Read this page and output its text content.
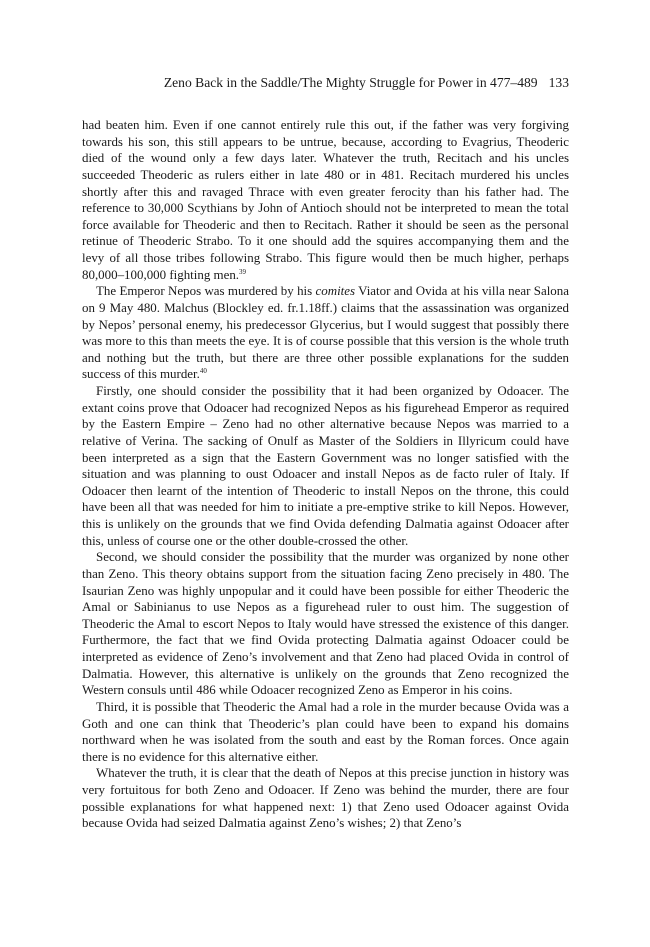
Zeno Back in the Saddle/The Mighty Struggle for Power in 477–489 133

had beaten him. Even if one cannot entirely rule this out, if the father was very forgiving towards his son, this still appears to be untrue, because, according to Evagrius, Theoderic died of the wound only a few days later. Whatever the truth, Recitach and his uncles succeeded Theoderic as rulers either in late 480 or in 481. Recitach murdered his uncles shortly after this and ravaged Thrace with even greater ferocity than his father had. The reference to 30,000 Scythians by John of Antioch should not be interpreted to mean the total force available for Theoderic and then to Recitach. Rather it should be seen as the personal retinue of Theoderic Strabo. To it one should add the squires accompanying them and the levy of all those tribes following Strabo. This figure would then be much higher, perhaps 80,000–100,000 fighting men.$^{39}$

The Emperor Nepos was murdered by his comites Viator and Ovida at his villa near Salona on 9 May 480. Malchus (Blockley ed. fr.1.18ff.) claims that the assassination was organized by Nepos’ personal enemy, his predecessor Glycerius, but I would suggest that possibly there was more to this than meets the eye. It is of course possible that this version is the whole truth and nothing but the truth, but there are three other possible explanations for the sudden success of this murder.$^{40}$

Firstly, one should consider the possibility that it had been organized by Odoacer. The extant coins prove that Odoacer had recognized Nepos as his figurehead Emperor as required by the Eastern Empire – Zeno had no other alternative because Nepos was married to a relative of Verina. The sacking of Onulf as Master of the Soldiers in Illyricum could have been interpreted as a sign that the Eastern Government was no longer satisfied with the situation and was planning to oust Odoacer and install Nepos as de facto ruler of Italy. If Odoacer then learnt of the intention of Theoderic to install Nepos on the throne, this could have been all that was needed for him to initiate a pre-emptive strike to kill Nepos. However, this is unlikely on the grounds that we find Ovida defending Dalmatia against Odoacer after this, unless of course one or the other double-crossed the other.

Second, we should consider the possibility that the murder was organized by none other than Zeno. This theory obtains support from the situation facing Zeno precisely in 480. The Isaurian Zeno was highly unpopular and it could have been possible for either Theoderic the Amal or Sabinianus to use Nepos as a figurehead ruler to oust him. The suggestion of Theoderic the Amal to escort Nepos to Italy would have stressed the existence of this danger. Furthermore, the fact that we find Ovida protecting Dalmatia against Odoacer could be interpreted as evidence of Zeno’s involvement and that Zeno had placed Ovida in control of Dalmatia. However, this alternative is unlikely on the grounds that Zeno recognized the Western consuls until 486 while Odoacer recognized Zeno as Emperor in his coins.

Third, it is possible that Theoderic the Amal had a role in the murder because Ovida was a Goth and one can think that Theoderic’s plan could have been to expand his domains northward when he was isolated from the south and east by the Roman forces. Once again there is no evidence for this alternative either.

Whatever the truth, it is clear that the death of Nepos at this precise junction in history was very fortuitous for both Zeno and Odoacer. If Zeno was behind the murder, there are four possible explanations for what happened next: 1) that Zeno used Odoacer against Ovida because Ovida had seized Dalmatia against Zeno’s wishes; 2) that Zeno’s
